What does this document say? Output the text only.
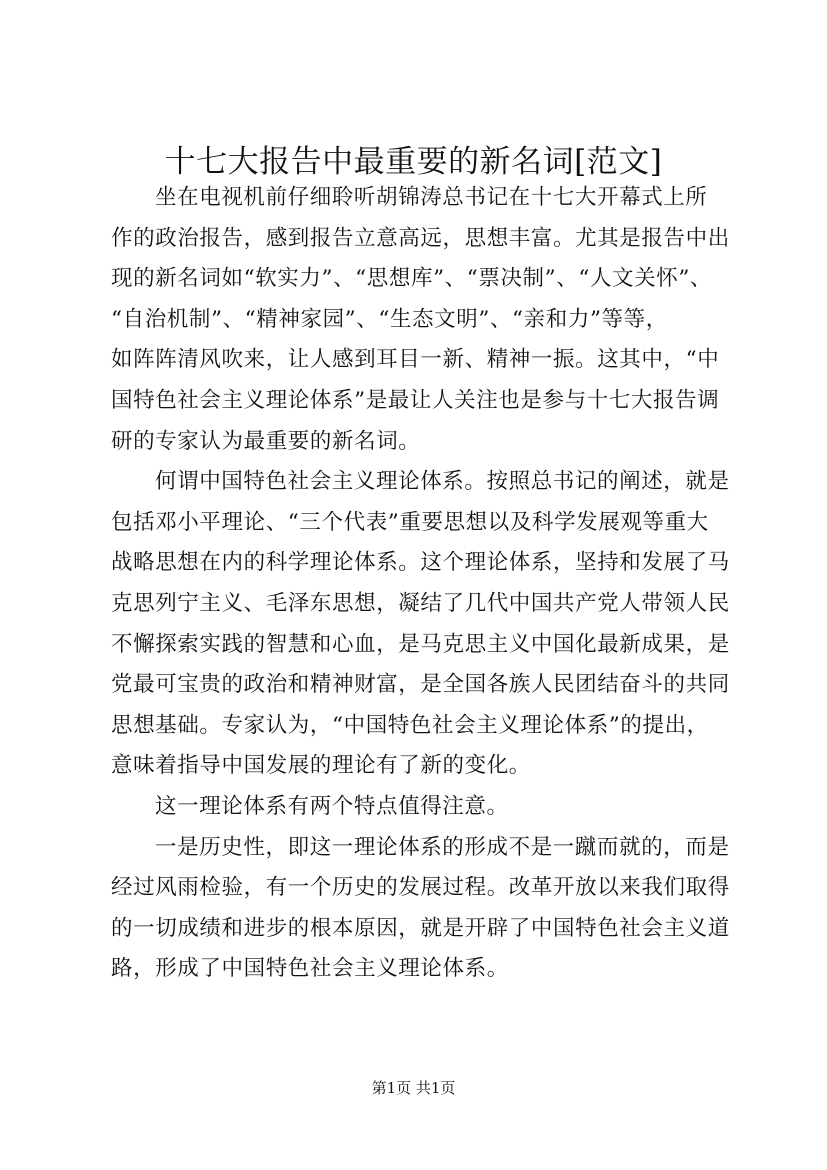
十七大报告中最重要的新名词[范文]
坐在电视机前仔细聆听胡锦涛总书记在十七大开幕式上所
作的政治报告，感到报告立意高远，思想丰富。尤其是报告中出
现的新名词如“软实力”、“思想库”、“票决制”、“人文关怀”、
“自治机制”、“精神家园”、“生态文明”、“亲和力”等等，
如阵阵清风吹来，让人感到耳目一新、精神一振。这其中，“中
国特色社会主义理论体系”是最让人关注也是参与十七大报告调
研的专家认为最重要的新名词。
何谓中国特色社会主义理论体系。按照总书记的阐述，就是
包括邓小平理论、“三个代表”重要思想以及科学发展观等重大
战略思想在内的科学理论体系。这个理论体系，坚持和发展了马
克思列宁主义、毛泽东思想，凝结了几代中国共产党人带领人民
不懈探索实践的智慧和心血，是马克思主义中国化最新成果，是
党最可宝贵的政治和精神财富，是全国各族人民团结奋斗的共同
思想基础。专家认为，“中国特色社会主义理论体系”的提出，
意味着指导中国发展的理论有了新的变化。
这一理论体系有两个特点值得注意。
一是历史性，即这一理论体系的形成不是一蹴而就的，而是
经过风雨检验，有一个历史的发展过程。改革开放以来我们取得
的一切成绩和进步的根本原因，就是开辟了中国特色社会主义道
路，形成了中国特色社会主义理论体系。
第1页 共1页
